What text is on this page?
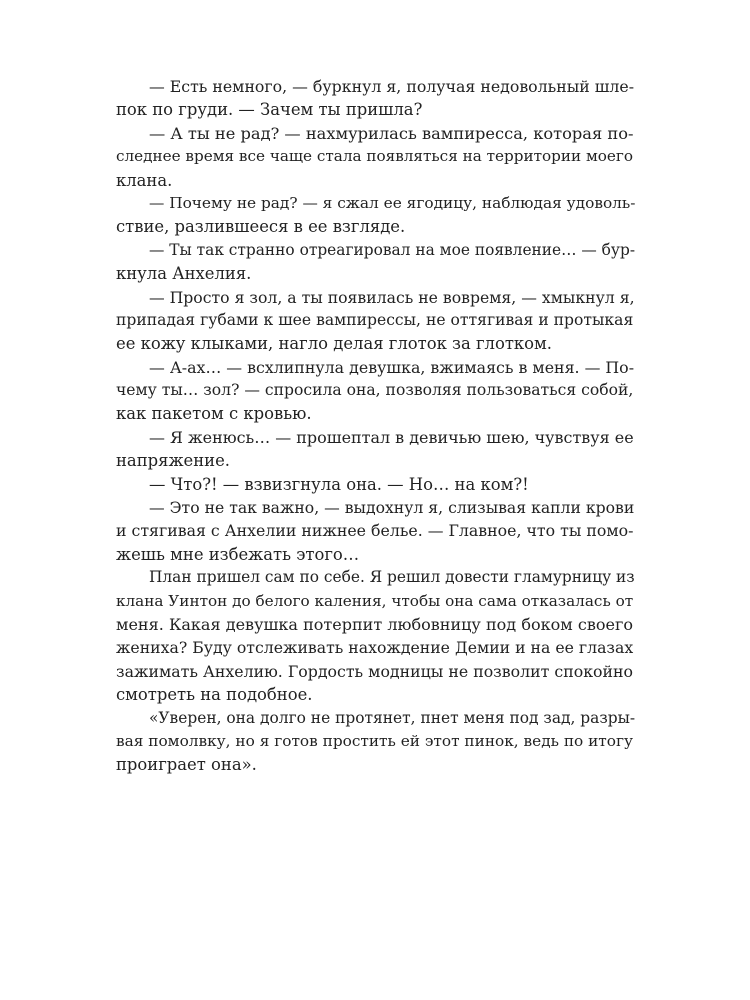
— Есть немного, — буркнул я, получая недовольный шле-
пок по груди. — Зачем ты пришла?
— А ты не рад? — нахмурилась вампиресса, которая по-
следнее время все чаще стала появляться на территории моего
клана.
— Почему не рад? — я сжал ее ягодицу, наблюдая удоволь-
ствие, разлившееся в ее взгляде.
— Ты так странно отреагировал на мое появление… — бур-
кнула Анхелия.
— Просто я зол, а ты появилась не вовремя, — хмыкнул я,
припадая губами к шее вампирессы, не оттягивая и протыкая
ее кожу клыками, нагло делая глоток за глотком.
— А-ах… — всхлипнула девушка, вжимаясь в меня. — По-
чему ты… зол? — спросила она, позволяя пользоваться собой,
как пакетом с кровью.
— Я женюсь… — прошептал в девичью шею, чувствуя ее
напряжение.
— Что?! — взвизгнула она. — Но… на ком?!
— Это не так важно, — выдохнул я, слизывая капли крови
и стягивая с Анхелии нижнее белье. — Главное, что ты помо-
жешь мне избежать этого…
План пришел сам по себе. Я решил довести гламурницу из
клана Уинтон до белого каления, чтобы она сама отказалась от
меня. Какая девушка потерпит любовницу под боком своего
жениха? Буду отслеживать нахождение Демии и на ее глазах
зажимать Анхелию. Гордость модницы не позволит спокойно
смотреть на подобное.
«Уверен, она долго не протянет, пнет меня под зад, разры-
вая помолвку, но я готов простить ей этот пинок, ведь по итогу
проиграет она».
